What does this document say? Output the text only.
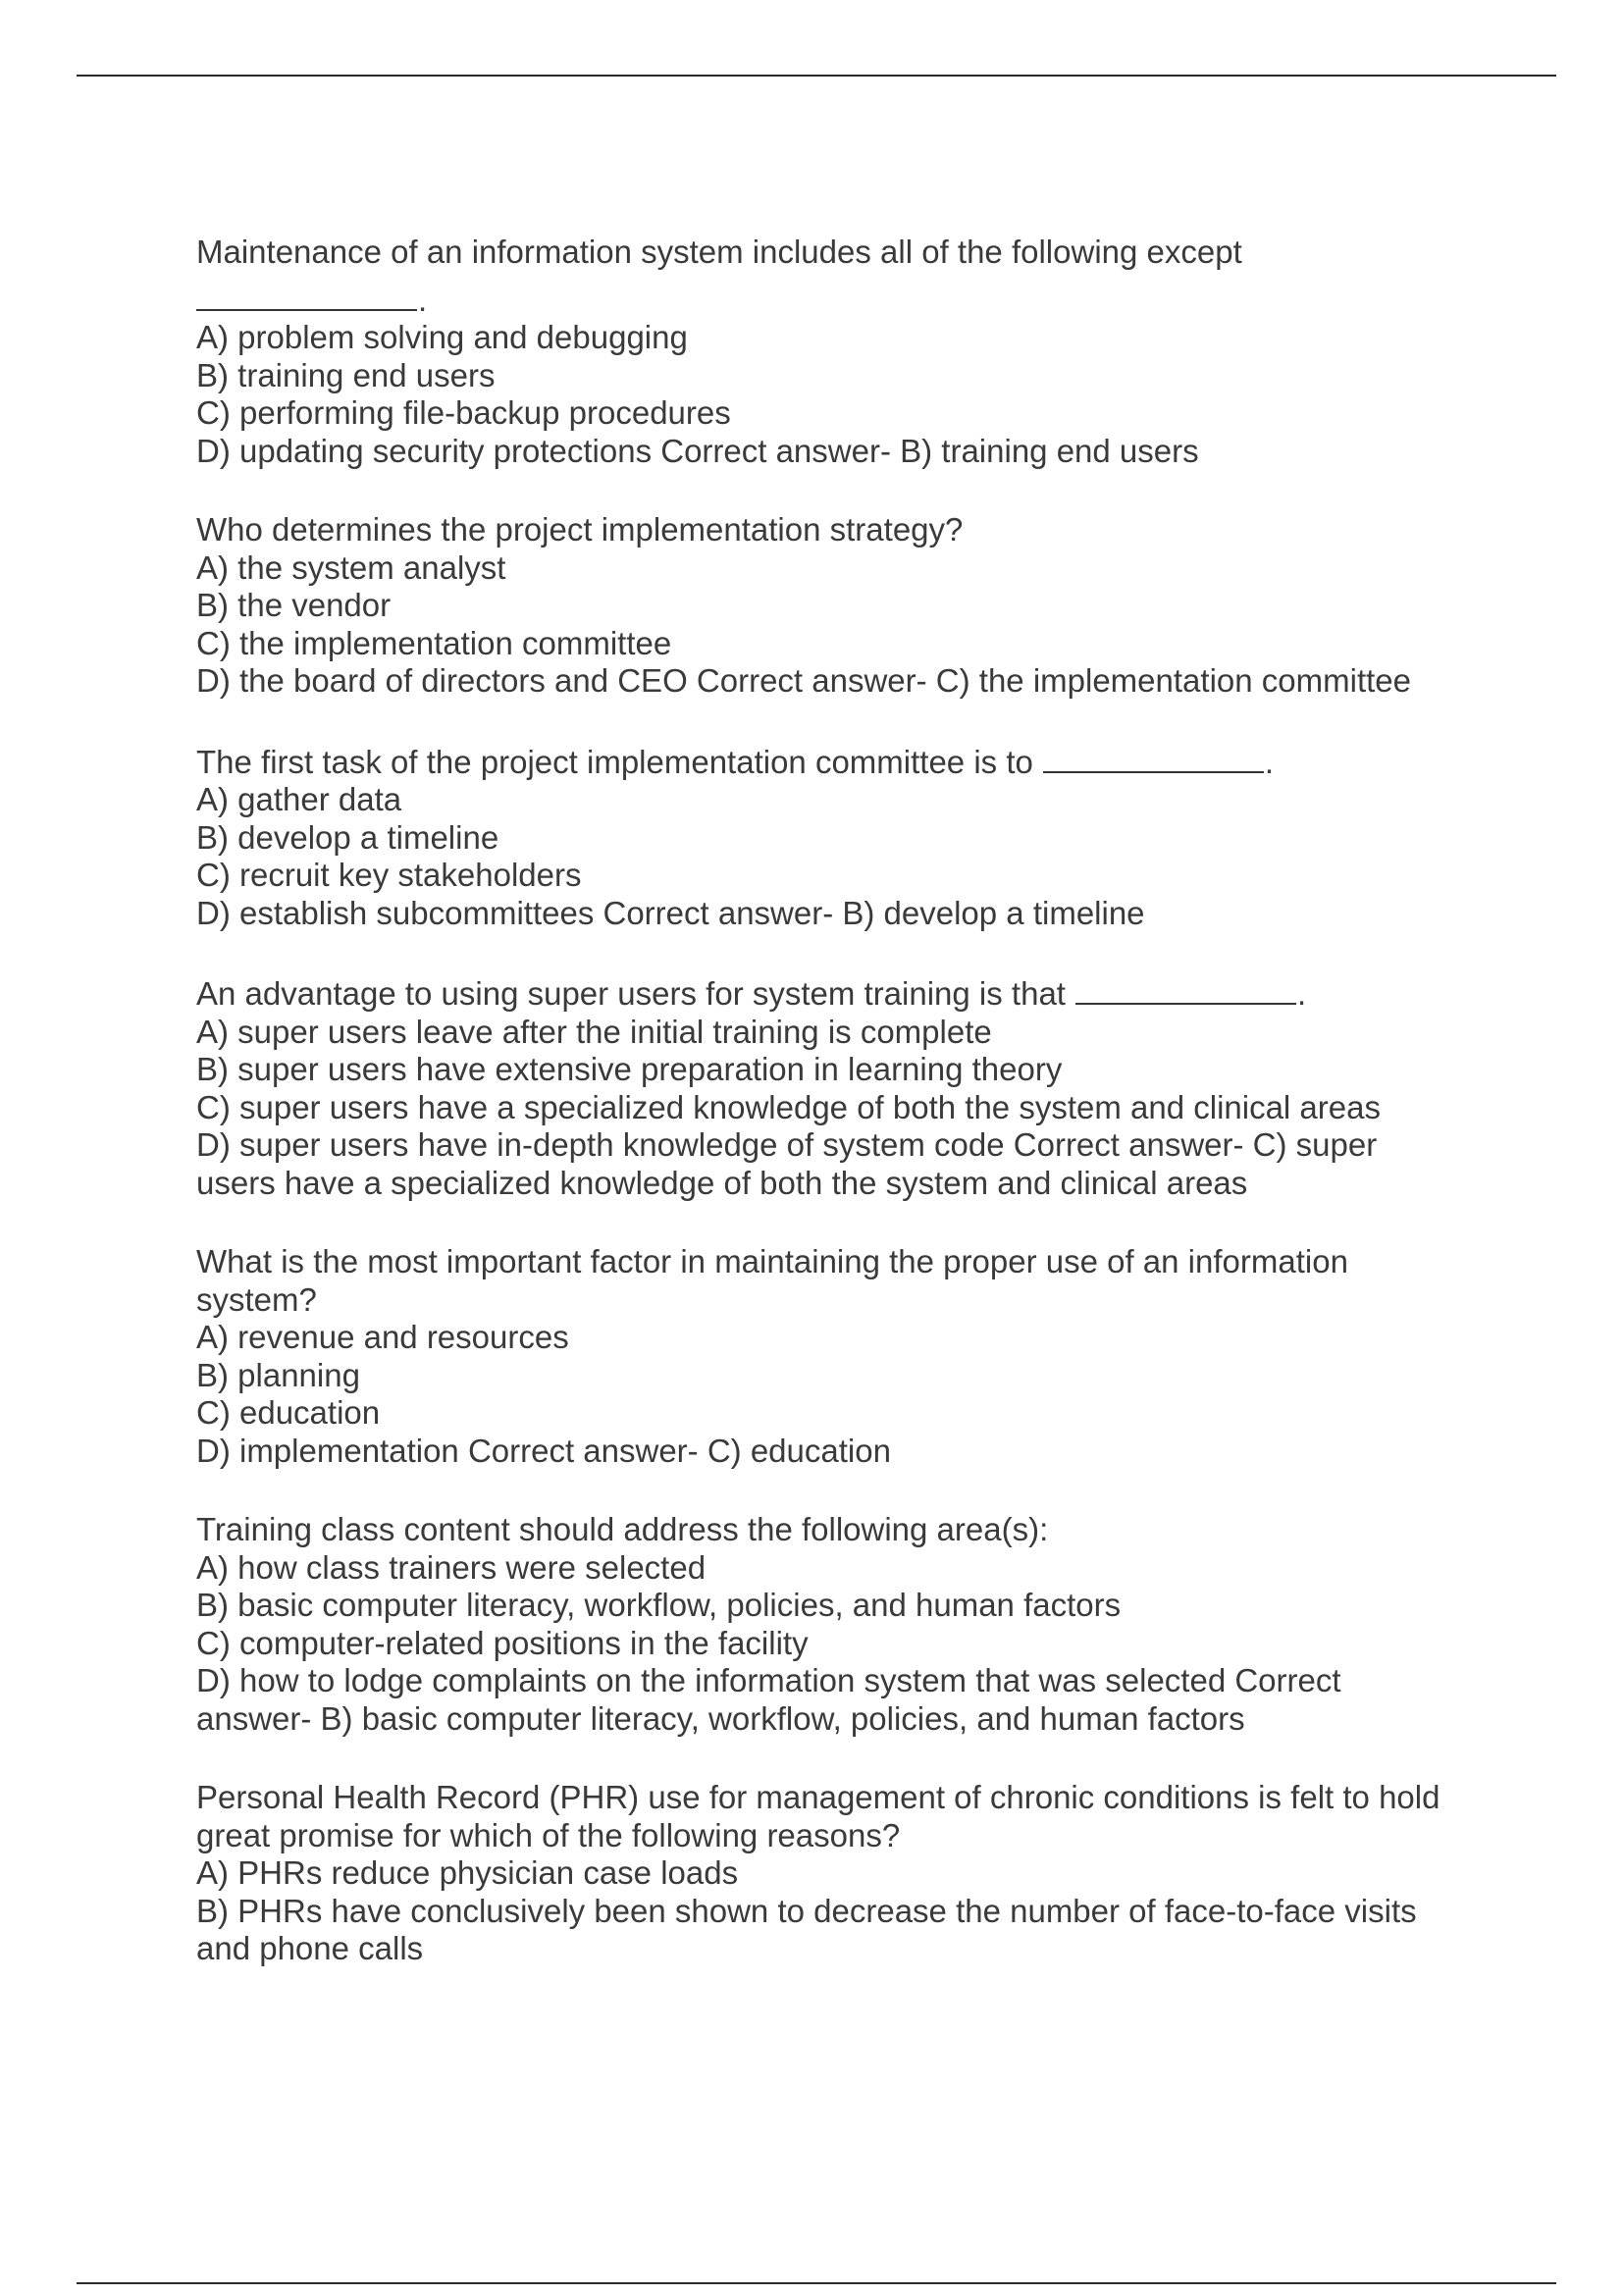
Maintenance of an information system includes all of the following except
.
A) problem solving and debugging
B) training end users
C) performing file-backup procedures
D) updating security protections Correct answer- B) training end users
Who determines the project implementation strategy?
A) the system analyst
B) the vendor
C) the implementation committee
D) the board of directors and CEO Correct answer- C) the implementation committee
The first task of the project implementation committee is to	.
A) gather data
B) develop a timeline
C) recruit key stakeholders
D) establish subcommittees Correct answer- B) develop a timeline
An advantage to using super users for system training is that	.
A) super users leave after the initial training is complete
B) super users have extensive preparation in learning theory
C) super users have a specialized knowledge of both the system and clinical areas
D) super users have in-depth knowledge of system code Correct answer- C) super
users have a specialized knowledge of both the system and clinical areas
What is the most important factor in maintaining the proper use of an information
system?
A) revenue and resources
B) planning
C) education
D) implementation Correct answer- C) education
Training class content should address the following area(s):
A) how class trainers were selected
B) basic computer literacy, workflow, policies, and human factors
C) computer-related positions in the facility
D) how to lodge complaints on the information system that was selected Correct
answer- B) basic computer literacy, workflow, policies, and human factors
Personal Health Record (PHR) use for management of chronic conditions is felt to hold
great promise for which of the following reasons?
A) PHRs reduce physician case loads
B) PHRs have conclusively been shown to decrease the number of face-to-face visits
and phone calls
